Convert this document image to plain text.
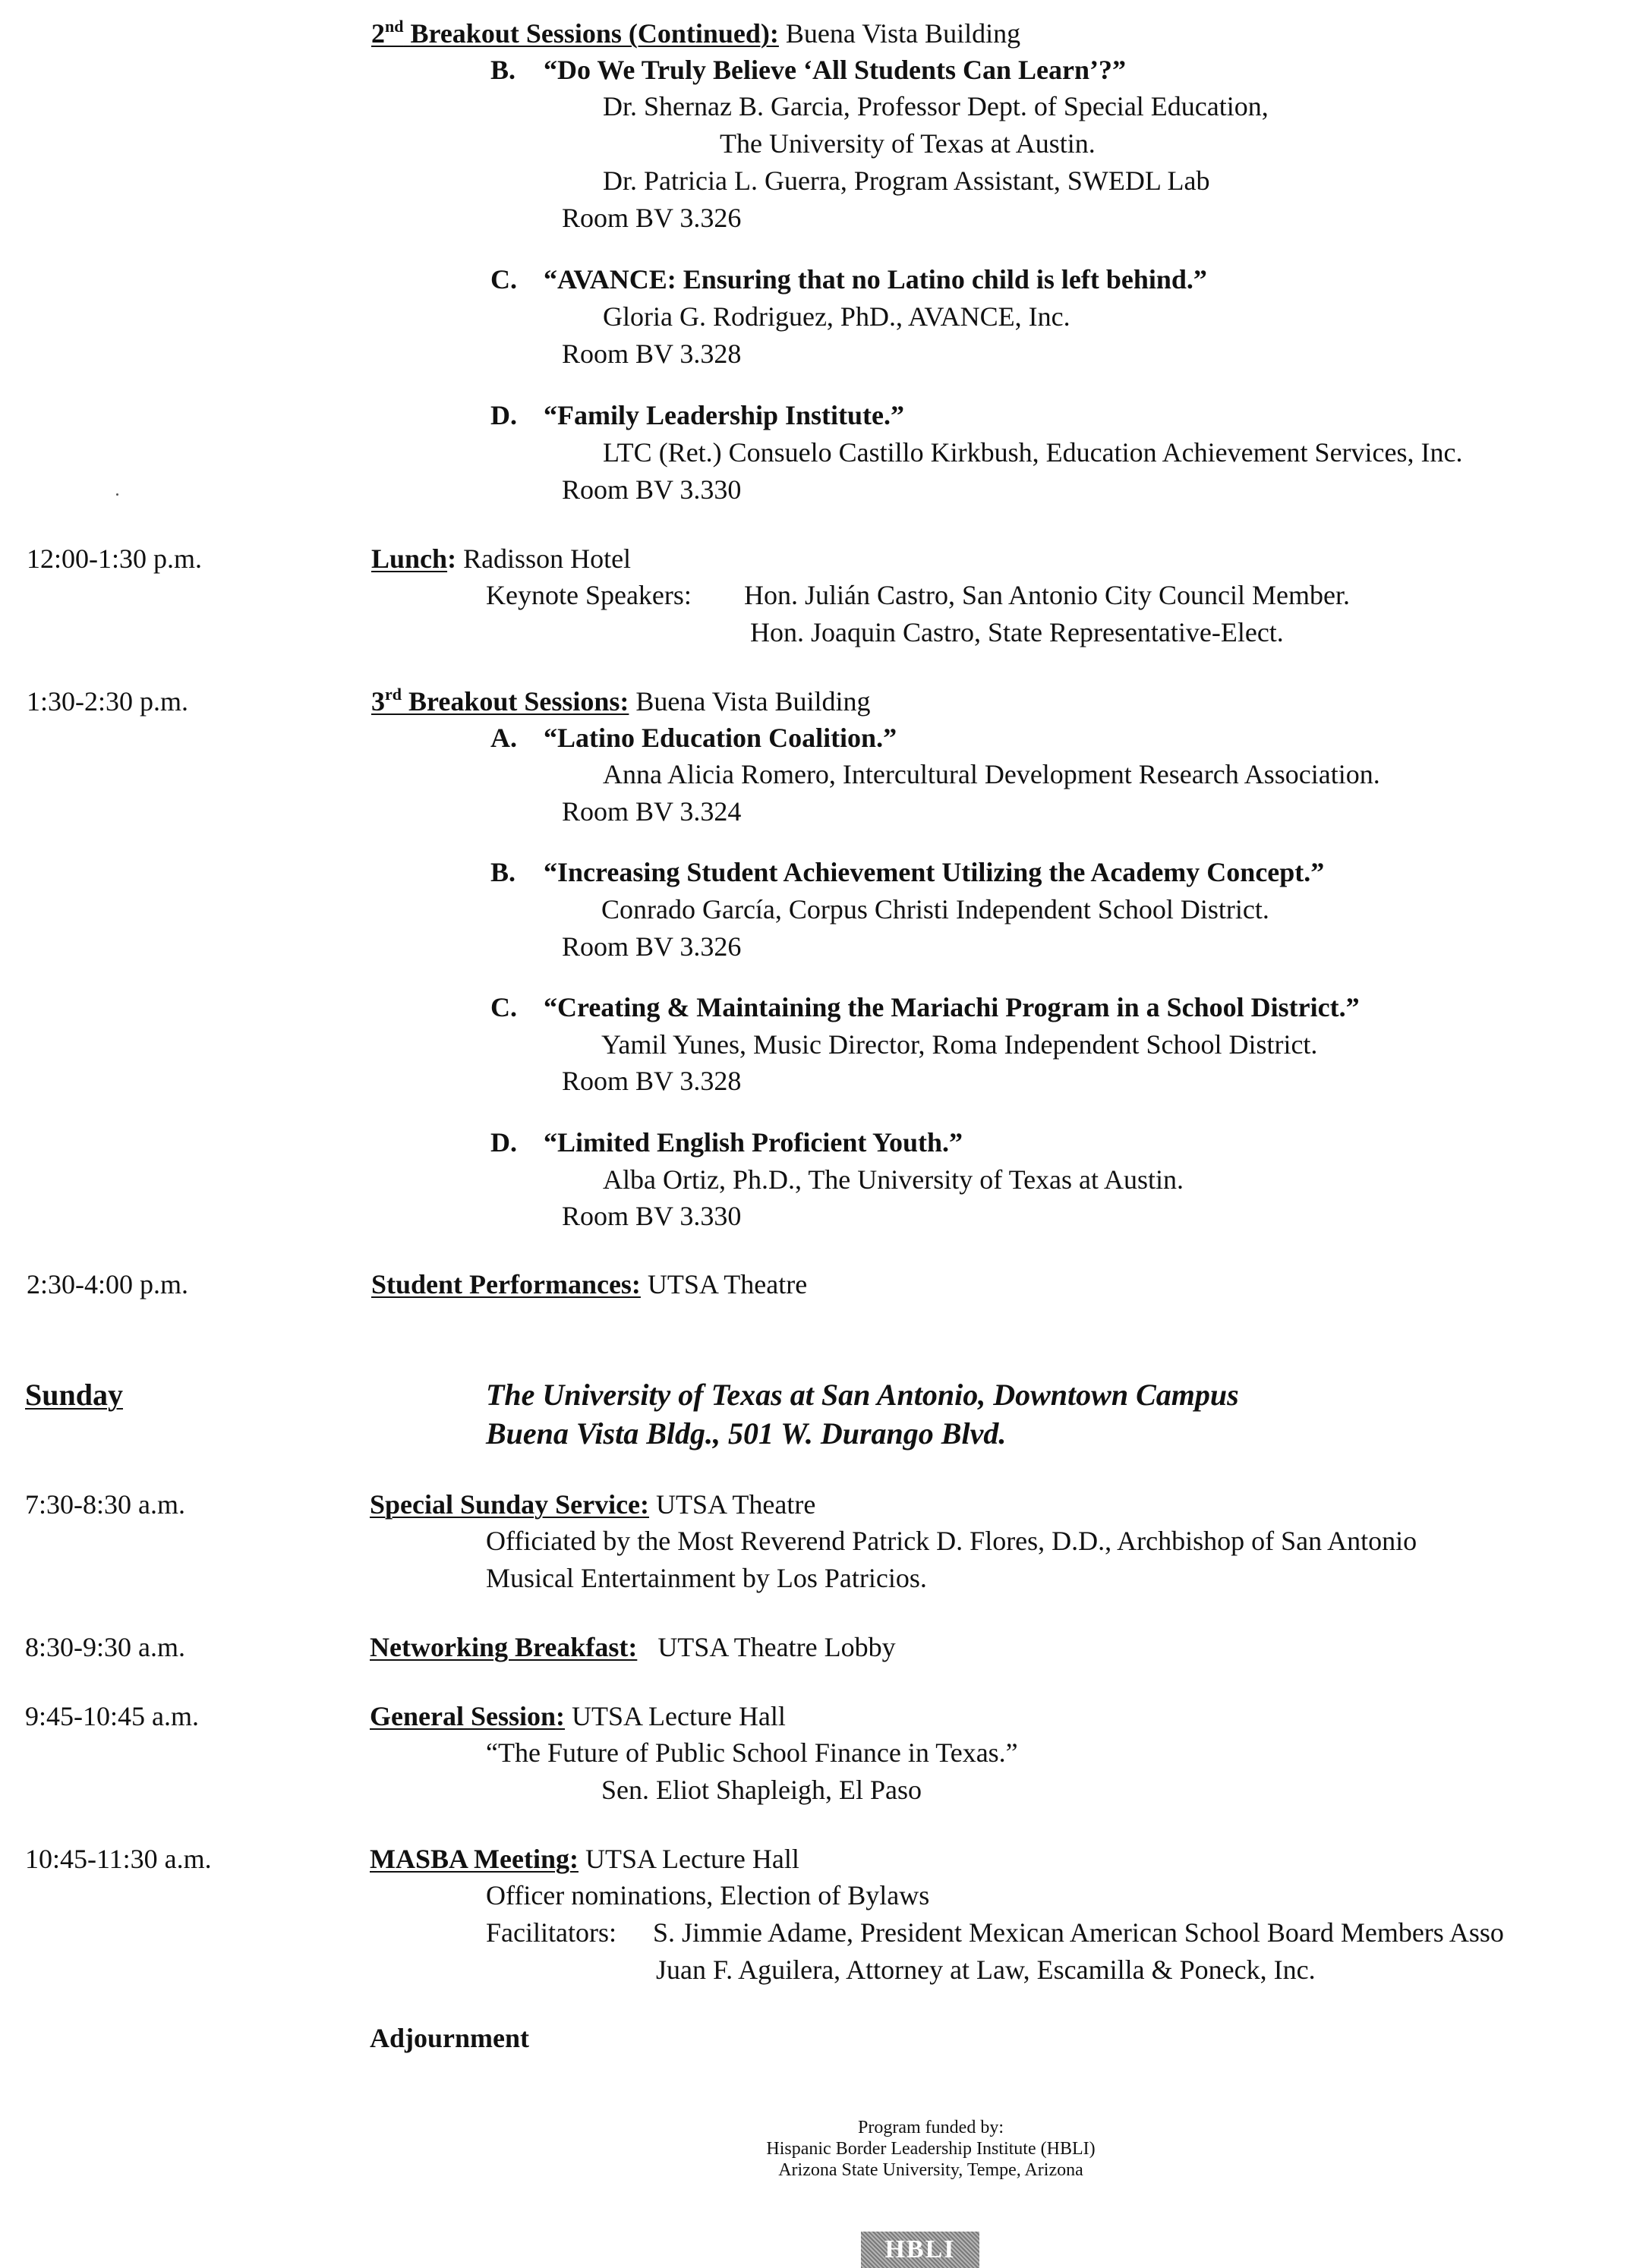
2nd Breakout Sessions (Continued): Buena Vista Building
B. “Do We Truly Believe ‘All Students Can Learn’?”
Dr. Shernaz B. Garcia, Professor Dept. of Special Education,
The University of Texas at Austin.
Dr. Patricia L. Guerra, Program Assistant, SWEDL Lab
Room BV 3.326
C. “AVANCE: Ensuring that no Latino child is left behind.”
Gloria G. Rodriguez, PhD., AVANCE, Inc.
Room BV 3.328
D. “Family Leadership Institute.”
LTC (Ret.) Consuelo Castillo Kirkbush, Education Achievement Services, Inc.
Room BV 3.330
12:00-1:30 p.m.	Lunch: Radisson Hotel
Keynote Speakers: Hon. Julián Castro, San Antonio City Council Member.
Hon. Joaquin Castro, State Representative-Elect.
1:30-2:30 p.m.	3rd Breakout Sessions: Buena Vista Building
A. “Latino Education Coalition.”
Anna Alicia Romero, Intercultural Development Research Association.
Room BV 3.324
B. “Increasing Student Achievement Utilizing the Academy Concept.”
Conrado García, Corpus Christi Independent School District.
Room BV 3.326
C. “Creating & Maintaining the Mariachi Program in a School District.”
Yamil Yunes, Music Director, Roma Independent School District.
Room BV 3.328
D. “Limited English Proficient Youth.”
Alba Ortiz, Ph.D., The University of Texas at Austin.
Room BV 3.330
2:30-4:00 p.m.	Student Performances: UTSA Theatre
Sunday	The University of Texas at San Antonio, Downtown Campus
Buena Vista Bldg., 501 W. Durango Blvd.
7:30-8:30 a.m.	Special Sunday Service: UTSA Theatre
Officiated by the Most Reverend Patrick D. Flores, D.D., Archbishop of San Antonio
Musical Entertainment by Los Patricios.
8:30-9:30 a.m.	Networking Breakfast: UTSA Theatre Lobby
9:45-10:45 a.m.	General Session: UTSA Lecture Hall
“The Future of Public School Finance in Texas.”
Sen. Eliot Shapleigh, El Paso
10:45-11:30 a.m.	MASBA Meeting: UTSA Lecture Hall
Officer nominations, Election of Bylaws
Facilitators: S. Jimmie Adame, President Mexican American School Board Members Asso
Juan F. Aguilera, Attorney at Law, Escamilla & Poneck, Inc.
Adjournment
Program funded by:
Hispanic Border Leadership Institute (HBLI)
Arizona State University, Tempe, Arizona
HBLI
